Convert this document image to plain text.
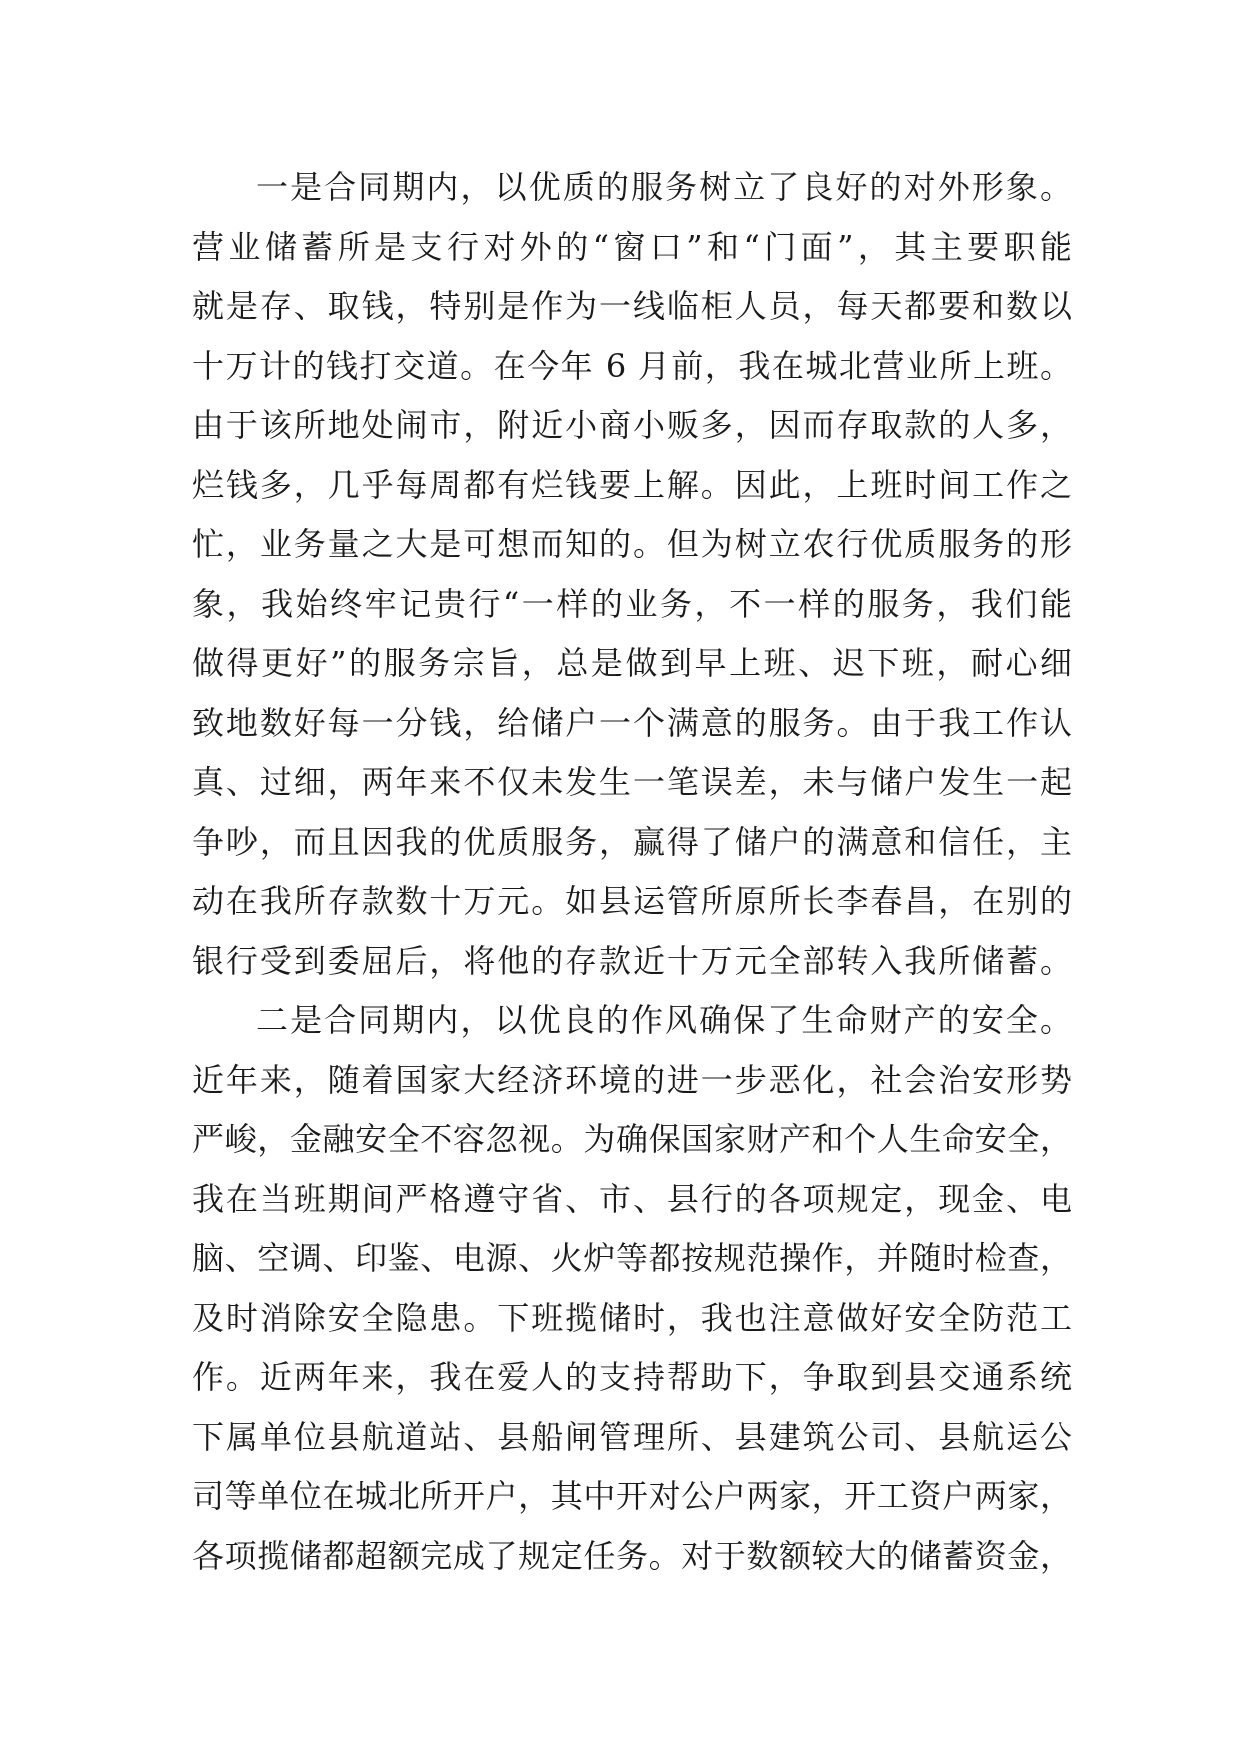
一是合同期内，以优质的服务树立了良好的对外形象。
营业储蓄所是支行对外的“窗口”和“门面”，其主要职能
就是存、取钱，特别是作为一线临柜人员，每天都要和数以
十万计的钱打交道。在今年 6 月前，我在城北营业所上班。
由于该所地处闹市，附近小商小贩多，因而存取款的人多，
烂钱多，几乎每周都有烂钱要上解。因此，上班时间工作之
忙，业务量之大是可想而知的。但为树立农行优质服务的形
象，我始终牢记贵行“一样的业务，不一样的服务，我们能
做得更好”的服务宗旨，总是做到早上班、迟下班，耐心细
致地数好每一分钱，给储户一个满意的服务。由于我工作认
真、过细，两年来不仅未发生一笔误差，未与储户发生一起
争吵，而且因我的优质服务，赢得了储户的满意和信任，主
动在我所存款数十万元。如县运管所原所长李春昌，在别的
银行受到委屈后，将他的存款近十万元全部转入我所储蓄。
二是合同期内，以优良的作风确保了生命财产的安全。
近年来，随着国家大经济环境的进一步恶化，社会治安形势
严峻，金融安全不容忽视。为确保国家财产和个人生命安全，
我在当班期间严格遵守省、市、县行的各项规定，现金、电
脑、空调、印鉴、电源、火炉等都按规范操作，并随时检查，
及时消除安全隐患。下班揽储时，我也注意做好安全防范工
作。近两年来，我在爱人的支持帮助下，争取到县交通系统
下属单位县航道站、县船闸管理所、县建筑公司、县航运公
司等单位在城北所开户，其中开对公户两家，开工资户两家，
各项揽储都超额完成了规定任务。对于数额较大的储蓄资金，
